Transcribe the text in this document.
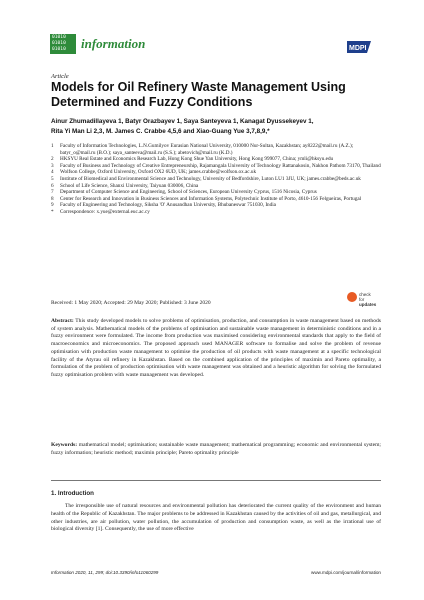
01010
01010
01010	information	MDPI
Article
Models for Oil Refinery Waste Management Using Determined and Fuzzy Conditions
Ainur Zhumadillayeva 1, Batyr Orazbayev 1, Saya Santeyeva 1, Kanagat Dyussekeyev 1,
Rita Yi Man Li 2,3, M. James C. Crabbe 4,5,6 and Xiao-Guang Yue 3,7,8,9,*
1	Faculty of Information Technologies, L.N.Gumilyov Eurasian National University, 010000 Nur-Sultan, Kazakhstan; ay8222@mail.ru (A.Z.); batyr_o@mail.ru (B.O.); saya_santeeva@mail.ru (S.S.); abetovich@mail.ru (K.D.)
2	HKSYU Real Estate and Economics Research Lab, Hong Kong Shue Yan University, Hong Kong 999077, China; ymli@hksyu.edu
3	Faculty of Business and Technology of Creative Entrepreneurship, Rajamangala University of Technology Rattanakosin, Nakhon Pathom 73170, Thailand
4	Wolfson College, Oxford University, Oxford OX2 6UD, UK; james.crabbe@wolfson.ox.ac.uk
5	Institute of Biomedical and Environmental Science and Technology, University of Bedfordshire, Luton LU1 3JU, UK; james.crabbe@beds.ac.uk
6	School of Life Science, Shanxi University, Taiyuan 030006, China
7	Department of Computer Science and Engineering, School of Sciences, European University Cyprus, 1516 Nicosia, Cyprus
8	Center for Research and Innovation in Business Sciences and Information Systems, Polytechnic Institute of Porto, 4610-156 Felgueiras, Portugal
9	Faculty of Engineering and Technology, Siksha 'O' Anusandhan University, Bhubaneswar 751030, India
*	Correspondence: x.yue@external.euc.ac.cy
check for
updates
Received: 1 May 2020; Accepted: 29 May 2020; Published: 3 June 2020
Abstract: This study developed models to solve problems of optimisation, production, and consumption in waste management based on methods of system analysis. Mathematical models of the problems of optimisation and sustainable waste management in deterministic conditions and in a fuzzy environment were formulated. The income from production was maximised considering environmental standards that apply to the field of macroeconomics and microeconomics. The proposed approach used MANAGER software to formalise and solve the problem of revenue optimisation with production waste management to optimise the production of oil products with waste management at a specific technological facility of the Atyrau oil refinery in Kazakhstan. Based on the combined application of the principles of maximin and Pareto optimality, a formulation of the problem of production optimisation with waste management was obtained and a heuristic algorithm for solving the formulated fuzzy optimisation problem with waste management was developed.
Keywords: mathematical model; optimisation; sustainable waste management; mathematical programming; economic and environmental system; fuzzy information; heuristic method; maximin principle; Pareto optimality principle
1. Introduction
The irresponsible use of natural resources and environmental pollution has deteriorated the current quality of the environment and human health of the Republic of Kazakhstan. The major problems to be addressed in Kazakhstan caused by the activities of oil and gas, metallurgical, and other industries, are air pollution, water pollution, the accumulation of production and consumption waste, as well as the irrational use of biological diversity [1]. Consequently, the use of more effective
Information 2020, 11, 299; doi:10.3390/info11060299	www.mdpi.com/journal/information
